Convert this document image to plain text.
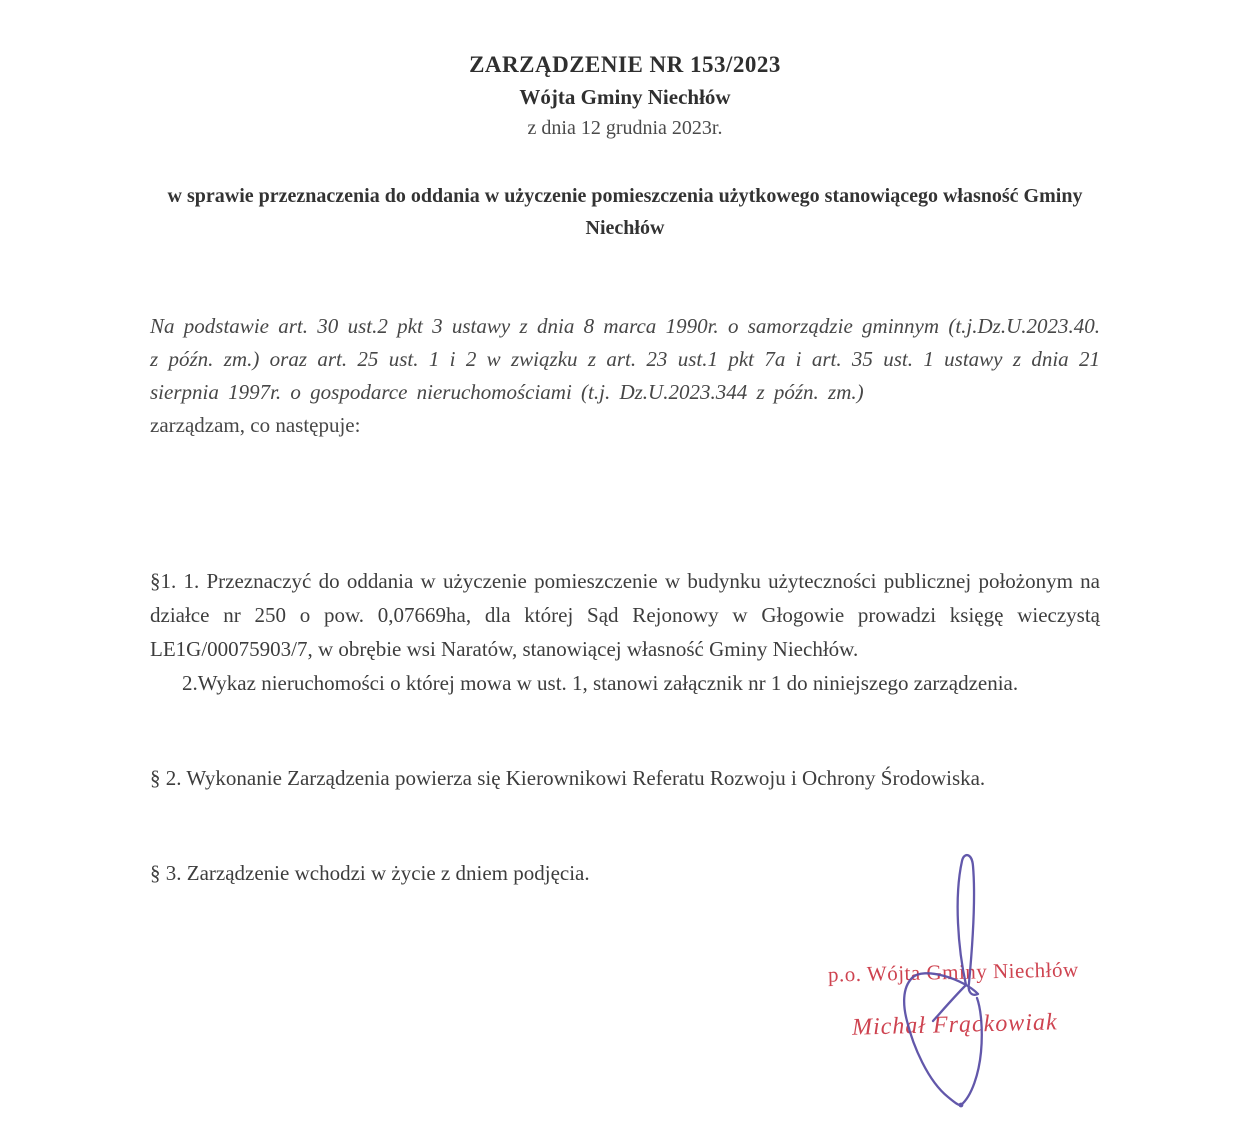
ZARZĄDZENIE NR 153/2023
Wójta Gminy Niechłów
z dnia 12 grudnia 2023r.
w sprawie przeznaczenia do oddania w użyczenie pomieszczenia użytkowego stanowiącego własność Gminy Niechłów
Na podstawie art. 30 ust.2 pkt 3 ustawy z dnia 8 marca 1990r. o samorządzie gminnym (t.j.Dz.U.2023.40. z późn. zm.) oraz art. 25 ust. 1 i 2 w związku z art. 23 ust.1 pkt 7a i art. 35 ust. 1 ustawy z dnia 21 sierpnia 1997r. o gospodarce nieruchomościami (t.j. Dz.U.2023.344 z późn. zm.)
zarządzam, co następuje:
§1. 1. Przeznaczyć do oddania w użyczenie pomieszczenie w budynku użyteczności publicznej położonym na działce nr 250 o pow. 0,07669ha, dla której Sąd Rejonowy w Głogowie prowadzi księgę wieczystą LE1G/00075903/7, w obrębie wsi Naratów, stanowiącej własność Gminy Niechłów.
2.Wykaz nieruchomości o której mowa w ust. 1, stanowi załącznik nr 1 do niniejszego zarządzenia.
§ 2. Wykonanie Zarządzenia powierza się Kierownikowi Referatu Rozwoju i Ochrony Środowiska.
§ 3. Zarządzenie wchodzi w życie z dniem podjęcia.
p.o. Wójta Gminy Niechłów
Michał Frąckowiak
